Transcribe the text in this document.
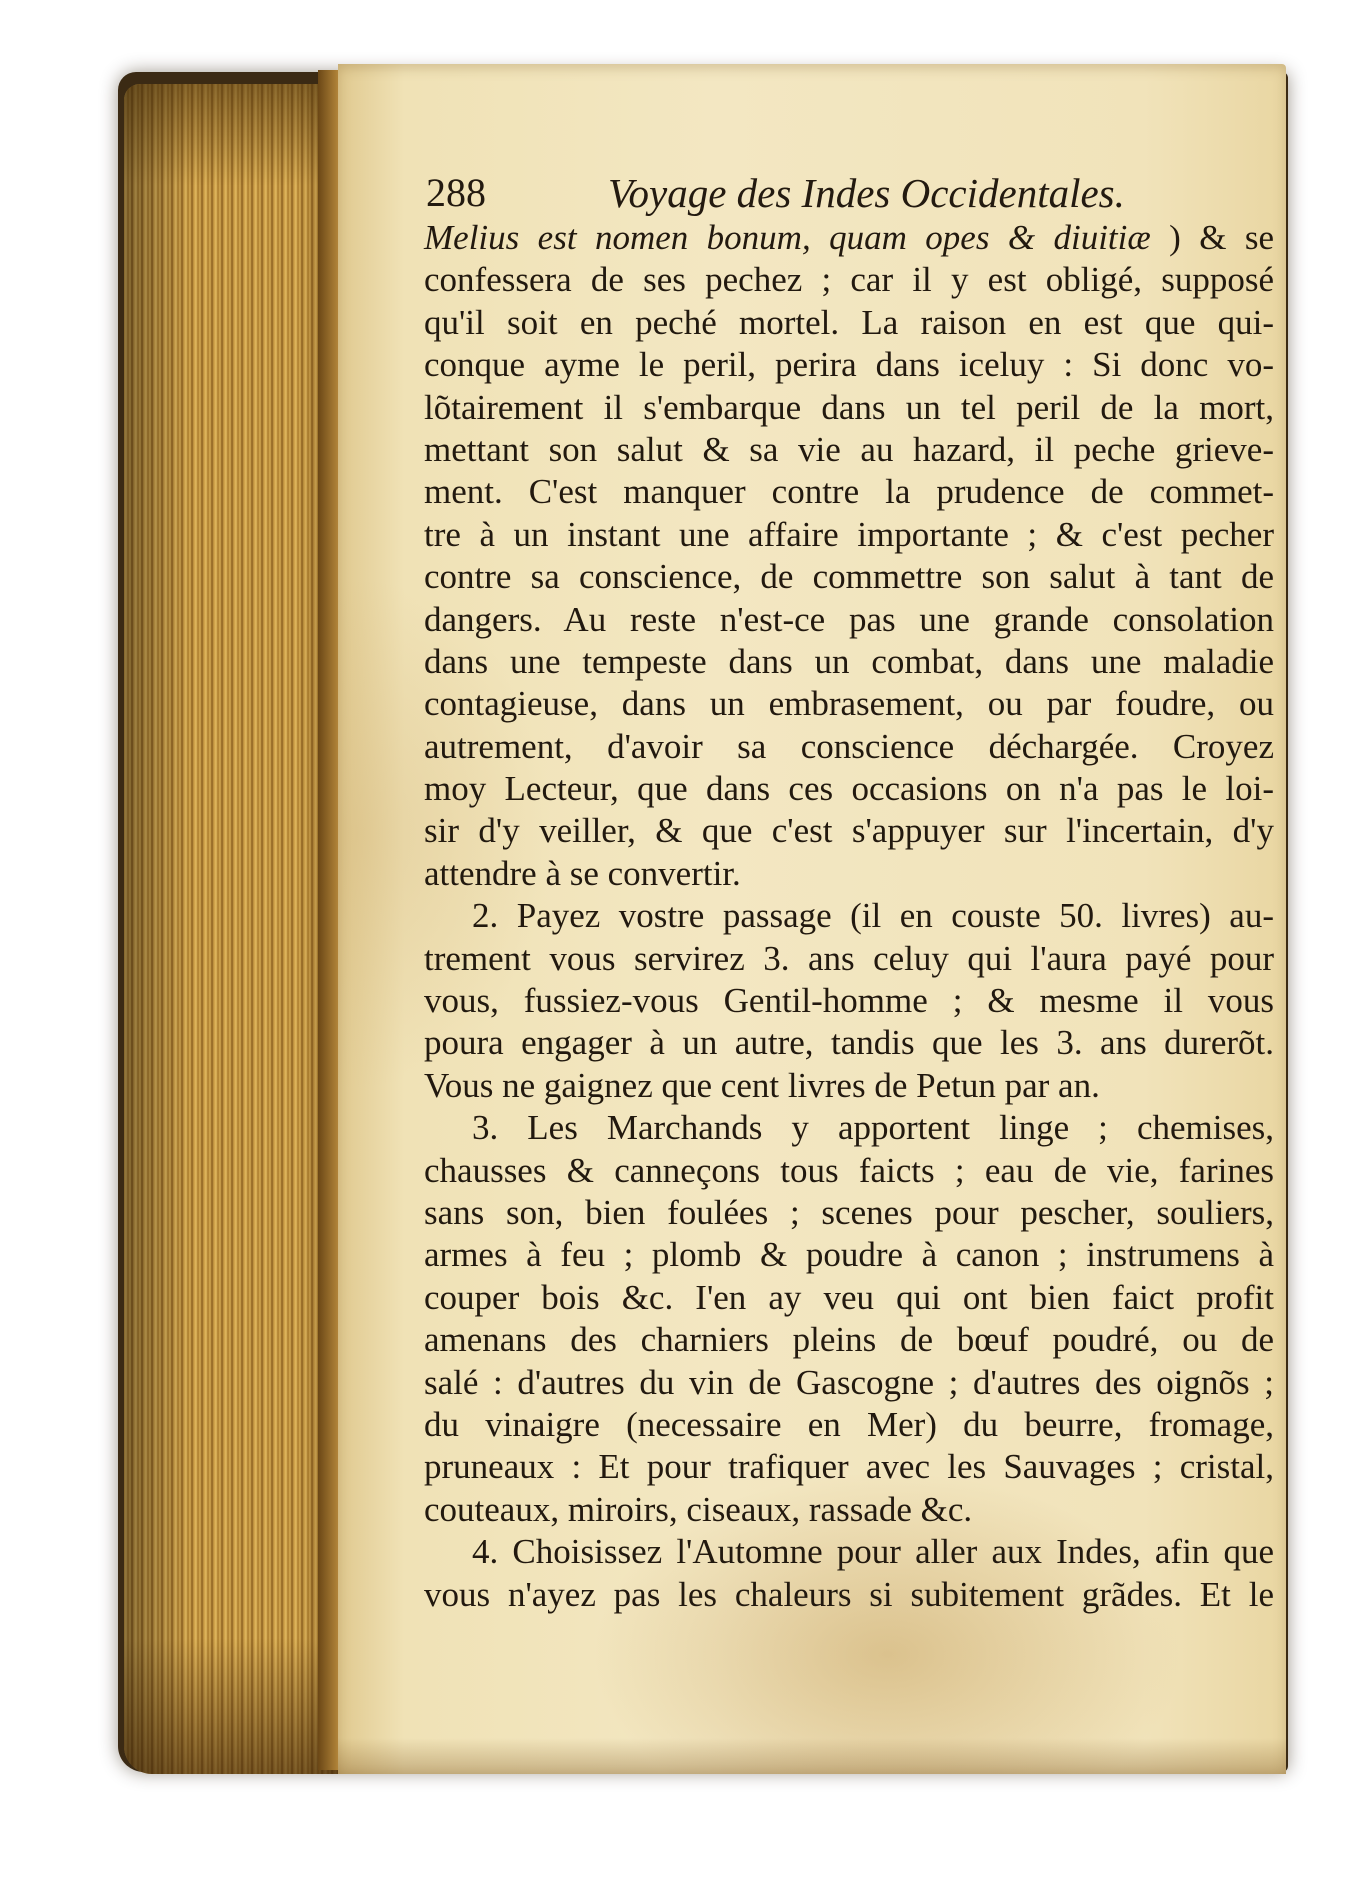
288	Voyage des Indes Occidentales.
Melius est nomen bonum, quam opes & diuitiæ ) & se
confessera de ses pechez ; car il y est obligé, supposé
qu'il soit en peché mortel. La raison en est que qui-
conque ayme le peril, perira dans iceluy : Si donc vo-
lõtairement il s'embarque dans un tel peril de la mort,
mettant son salut & sa vie au hazard, il peche grieve-
ment. C'est manquer contre la prudence de commet-
tre à un instant une affaire importante ; & c'est pecher
contre sa conscience, de commettre son salut à tant de
dangers. Au reste n'est-ce pas une grande consolation
dans une tempeste dans un combat, dans une maladie
contagieuse, dans un embrasement, ou par foudre, ou
autrement, d'avoir sa conscience déchargée. Croyez
moy Lecteur, que dans ces occasions on n'a pas le loi-
sir d'y veiller, & que c'est s'appuyer sur l'incertain, d'y
attendre à se convertir.
2. Payez vostre passage (il en couste 50. livres) au-
trement vous servirez 3. ans celuy qui l'aura payé pour
vous, fussiez-vous Gentil-homme ; & mesme il vous
poura engager à un autre, tandis que les 3. ans durerõt.
Vous ne gaignez que cent livres de Petun par an.
3. Les Marchands y apportent linge ; chemises,
chausses & canneçons tous faicts ; eau de vie, farines
sans son, bien foulées ; scenes pour pescher, souliers,
armes à feu ; plomb & poudre à canon ; instrumens à
couper bois &c. I'en ay veu qui ont bien faict profit
amenans des charniers pleins de bœuf poudré, ou de
salé : d'autres du vin de Gascogne ; d'autres des oignõs ;
du vinaigre (necessaire en Mer) du beurre, fromage,
pruneaux : Et pour trafiquer avec les Sauvages ; cristal,
couteaux, miroirs, ciseaux, rassade &c.
4. Choisissez l'Automne pour aller aux Indes, afin que
vous n'ayez pas les chaleurs si subitement grãdes. Et le
